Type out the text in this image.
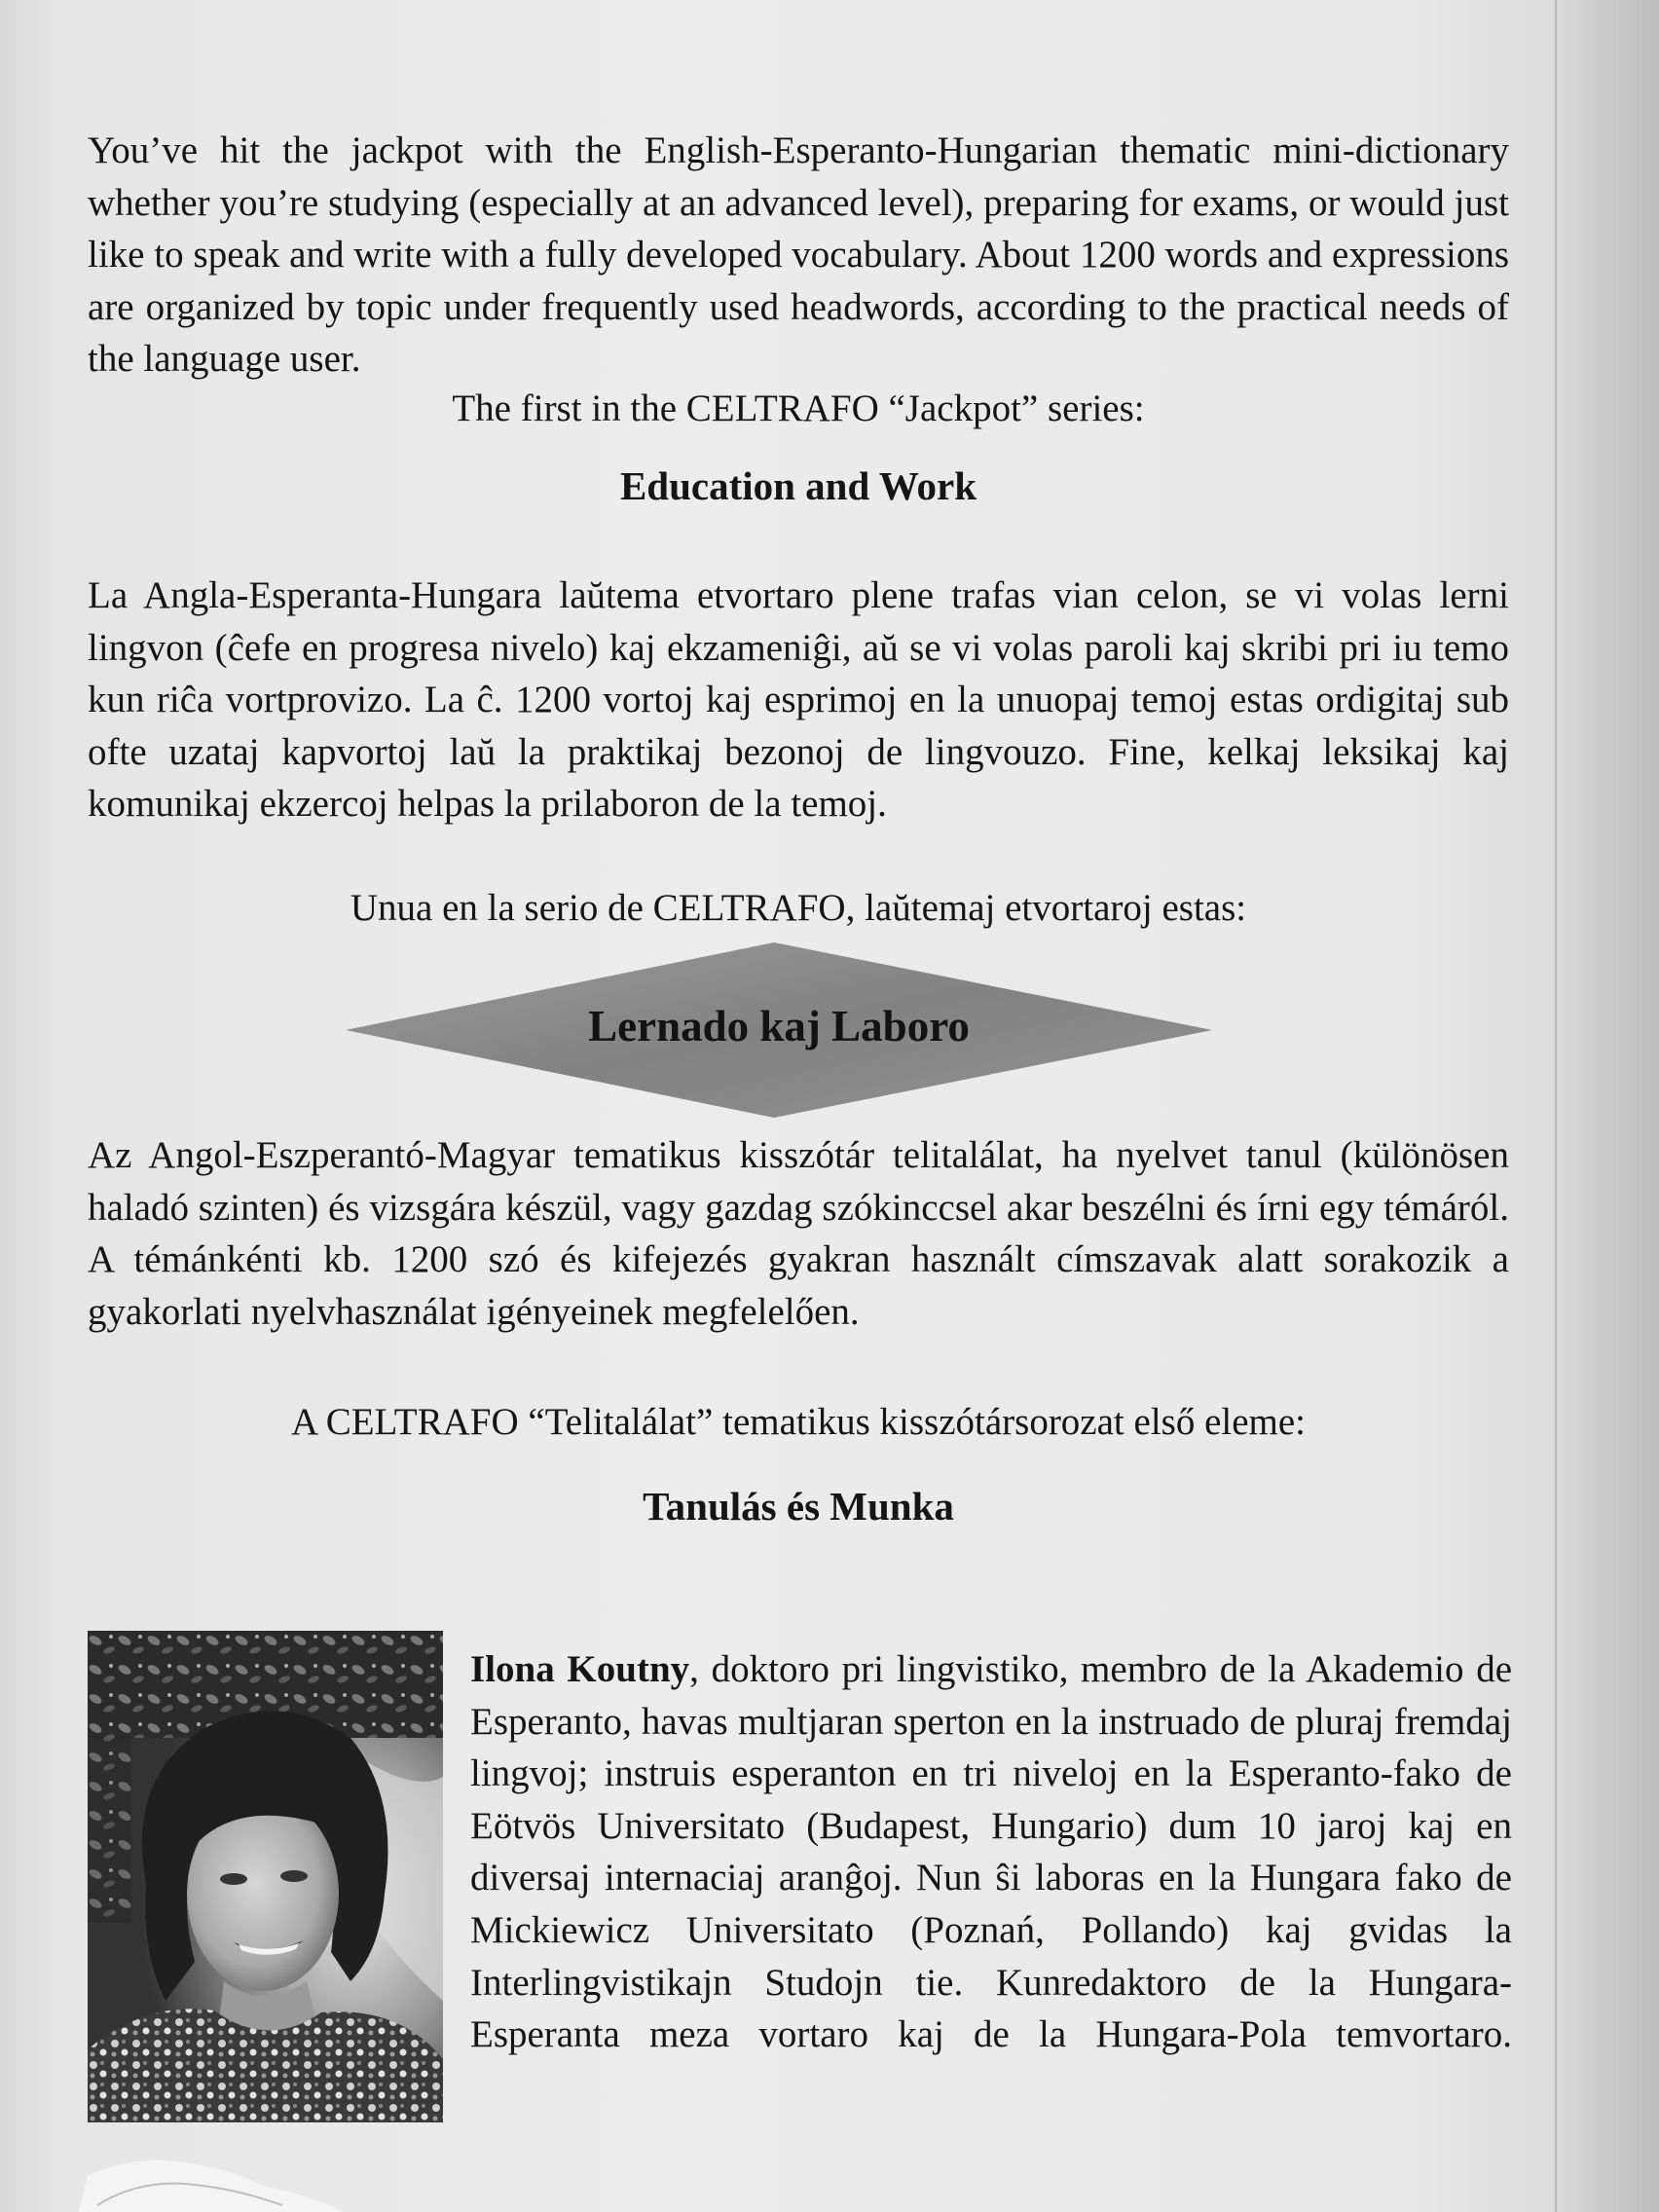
You’ve hit the jackpot with the English-Esperanto-Hungarian thematic mini-dictionary whether you’re studying (especially at an advanced level), preparing for exams, or would just like to speak and write with a fully developed vocabulary. About 1200 words and expressions are organized by topic under frequently used headwords, according to the practical needs of the language user.

The first in the CELTRAFO “Jackpot” series:

Education and Work

La Angla-Esperanta-Hungara laŭtema etvortaro plene trafas vian celon, se vi volas lerni lingvon (ĉefe en progresa nivelo) kaj ekzameniĝi, aŭ se vi volas paroli kaj skribi pri iu temo kun riĉa vortprovizo. La ĉ. 1200 vortoj kaj esprimoj en la unuopaj temoj estas ordigitaj sub ofte uzataj kapvortoj laŭ la praktikaj bezonoj de lingvouzo. Fine, kelkaj leksikaj kaj komunikaj ekzercoj helpas la prilaboron de la temoj.

Unua en la serio de CELTRAFO, laŭtemaj etvortaroj estas:

Lernado kaj Laboro

Az Angol-Eszperantó-Magyar tematikus kisszótár telitalálat, ha nyelvet tanul (különösen haladó szinten) és vizsgára készül, vagy gazdag szókinccsel akar beszélni és írni egy témáról. A témánkénti kb. 1200 szó és kifejezés gyakran használt címszavak alatt sorakozik a gyakorlati nyelvhasználat igényeinek megfelelően.

A CELTRAFO “Telitalálat” tematikus kisszótársorozat első eleme:

Tanulás és Munka

Ilona Koutny, doktoro pri lingvistiko, membro de la Akademio de Esperanto, havas multjaran sperton en la instruado de pluraj fremdaj lingvoj; instruis esperanton en tri niveloj en la Esperanto-fako de Eötvös Universitato (Budapest, Hungario) dum 10 jaroj kaj en diversaj internaciaj aranĝoj. Nun ŝi laboras en la Hungara fako de Mickiewicz Universitato (Poznań, Pollando) kaj gvidas la Interlingvistikajn Studojn tie. Kunredaktoro de la Hungara-Esperanta meza vortaro kaj de la Hungara-Pola temvortaro.
